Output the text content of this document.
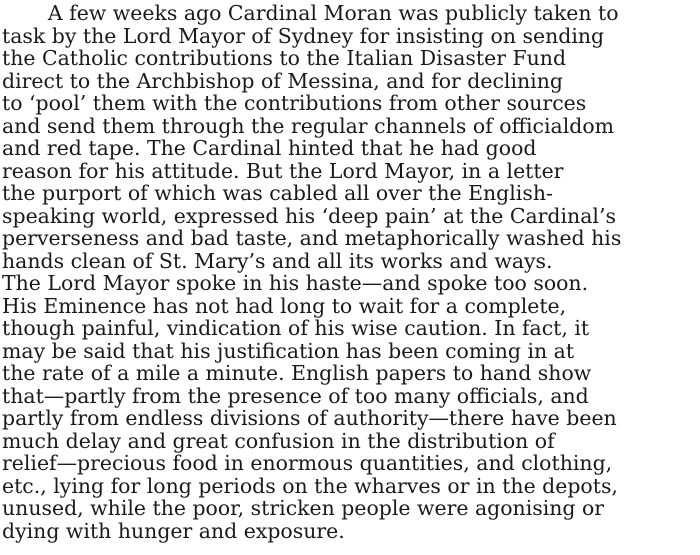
A few weeks ago Cardinal Moran was publicly taken to
task by the Lord Mayor of Sydney for insisting on sending
the Catholic contributions to the Italian Disaster Fund
direct to the Archbishop of Messina, and for declining
to ‘pool’ them with the contributions from other sources
and send them through the regular channels of officialdom
and red tape. The Cardinal hinted that he had good
reason for his attitude. But the Lord Mayor, in a letter
the purport of which was cabled all over the English-
speaking world, expressed his ‘deep pain’ at the Cardinal’s
perverseness and bad taste, and metaphorically washed his
hands clean of St. Mary’s and all its works and ways.
The Lord Mayor spoke in his haste—and spoke too soon.
His Eminence has not had long to wait for a complete,
though painful, vindication of his wise caution. In fact, it
may be said that his justification has been coming in at
the rate of a mile a minute. English papers to hand show
that—partly from the presence of too many officials, and
partly from endless divisions of authority—there have been
much delay and great confusion in the distribution of
relief—precious food in enormous quantities, and clothing,
etc., lying for long periods on the wharves or in the depots,
unused, while the poor, stricken people were agonising or
dying with hunger and exposure.
